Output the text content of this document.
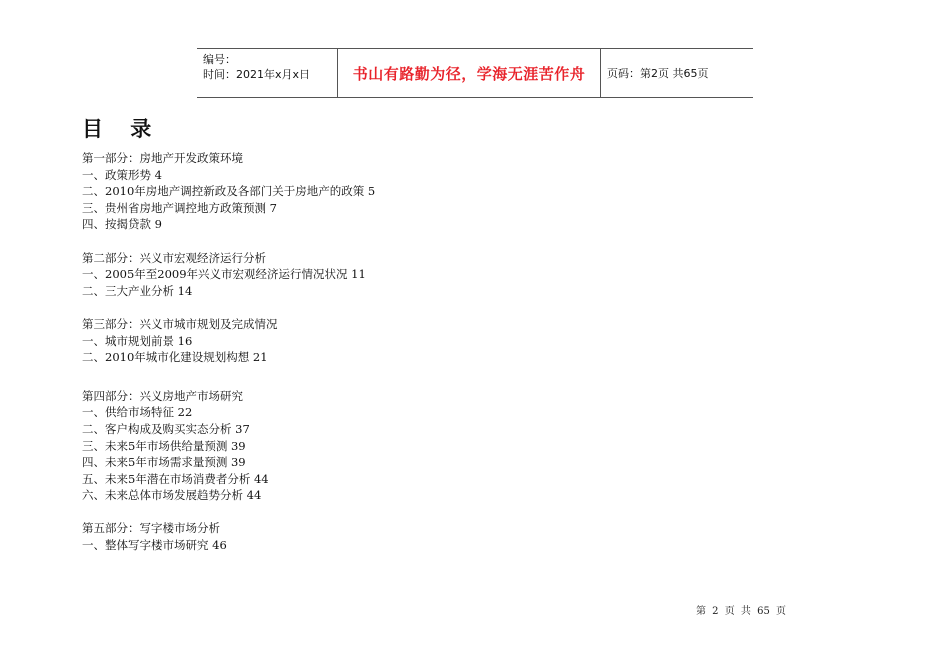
编号：
时间：2021年x月x日	书山有路勤为径，学海无涯苦作舟 页码：第2页 共65页
目 录
第一部分：房地产开发政策环境
一、政策形势 4
二、2010年房地产调控新政及各部门关于房地产的政策 5
三、贵州省房地产调控地方政策预测 7
四、按揭贷款 9
第二部分：兴义市宏观经济运行分析
一、2005年至2009年兴义市宏观经济运行情况状况 11
二、三大产业分析 14
第三部分：兴义市城市规划及完成情况
一、城市规划前景 16
二、2010年城市化建设规划构想 21
第四部分：兴义房地产市场研究
一、供给市场特征 22
二、客户构成及购买实态分析 37
三、未来5年市场供给量预测 39
四、未来5年市场需求量预测 39
五、未来5年潜在市场消费者分析 44
六、未来总体市场发展趋势分析 44
第五部分：写字楼市场分析
一、整体写字楼市场研究 46
第 2 页 共 65 页
